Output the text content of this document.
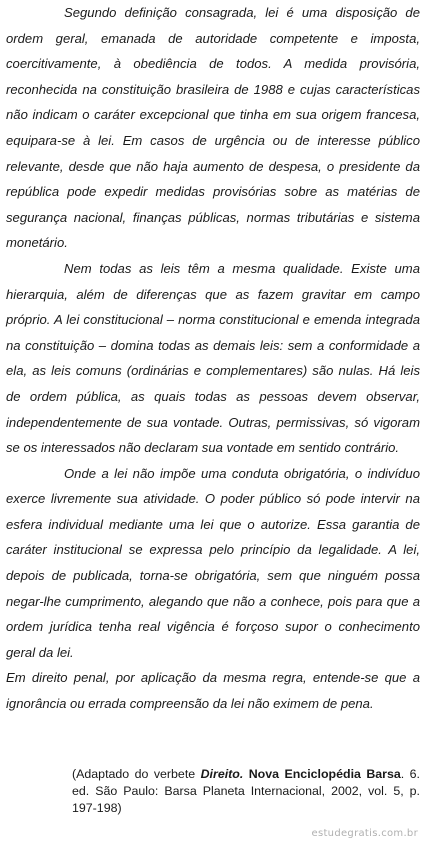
Segundo definição consagrada, lei é uma disposição de ordem geral, emanada de autoridade competente e imposta, coercitivamente, à obediência de todos. A medida provisória, reconhecida na constituição brasileira de 1988 e cujas características não indicam o caráter excepcional que tinha em sua origem francesa, equipara-se à lei. Em casos de urgência ou de interesse público relevante, desde que não haja aumento de despesa, o presidente da república pode expedir medidas provisórias sobre as matérias de segurança nacional, finanças públicas, normas tributárias e sistema monetário.

Nem todas as leis têm a mesma qualidade. Existe uma hierarquia, além de diferenças que as fazem gravitar em campo próprio. A lei constitucional – norma constitucional e emenda integrada na constituição – domina todas as demais leis: sem a conformidade a ela, as leis comuns (ordinárias e complementares) são nulas. Há leis de ordem pública, as quais todas as pessoas devem observar, independentemente de sua vontade. Outras, permissivas, só vigoram se os interessados não declaram sua vontade em sentido contrário.

Onde a lei não impõe uma conduta obrigatória, o indivíduo exerce livremente sua atividade. O poder público só pode intervir na esfera individual mediante uma lei que o autorize. Essa garantia de caráter institucional se expressa pelo princípio da legalidade. A lei, depois de publicada, torna-se obrigatória, sem que ninguém possa negar-lhe cumprimento, alegando que não a conhece, pois para que a ordem jurídica tenha real vigência é forçoso supor o conhecimento geral da lei.

Em direito penal, por aplicação da mesma regra, entende-se que a ignorância ou errada compreensão da lei não eximem de pena.

(Adaptado do verbete Direito. Nova Enciclopédia Barsa. 6. ed. São Paulo: Barsa Planeta Internacional, 2002, vol. 5, p. 197-198)
estudegratis.com.br
